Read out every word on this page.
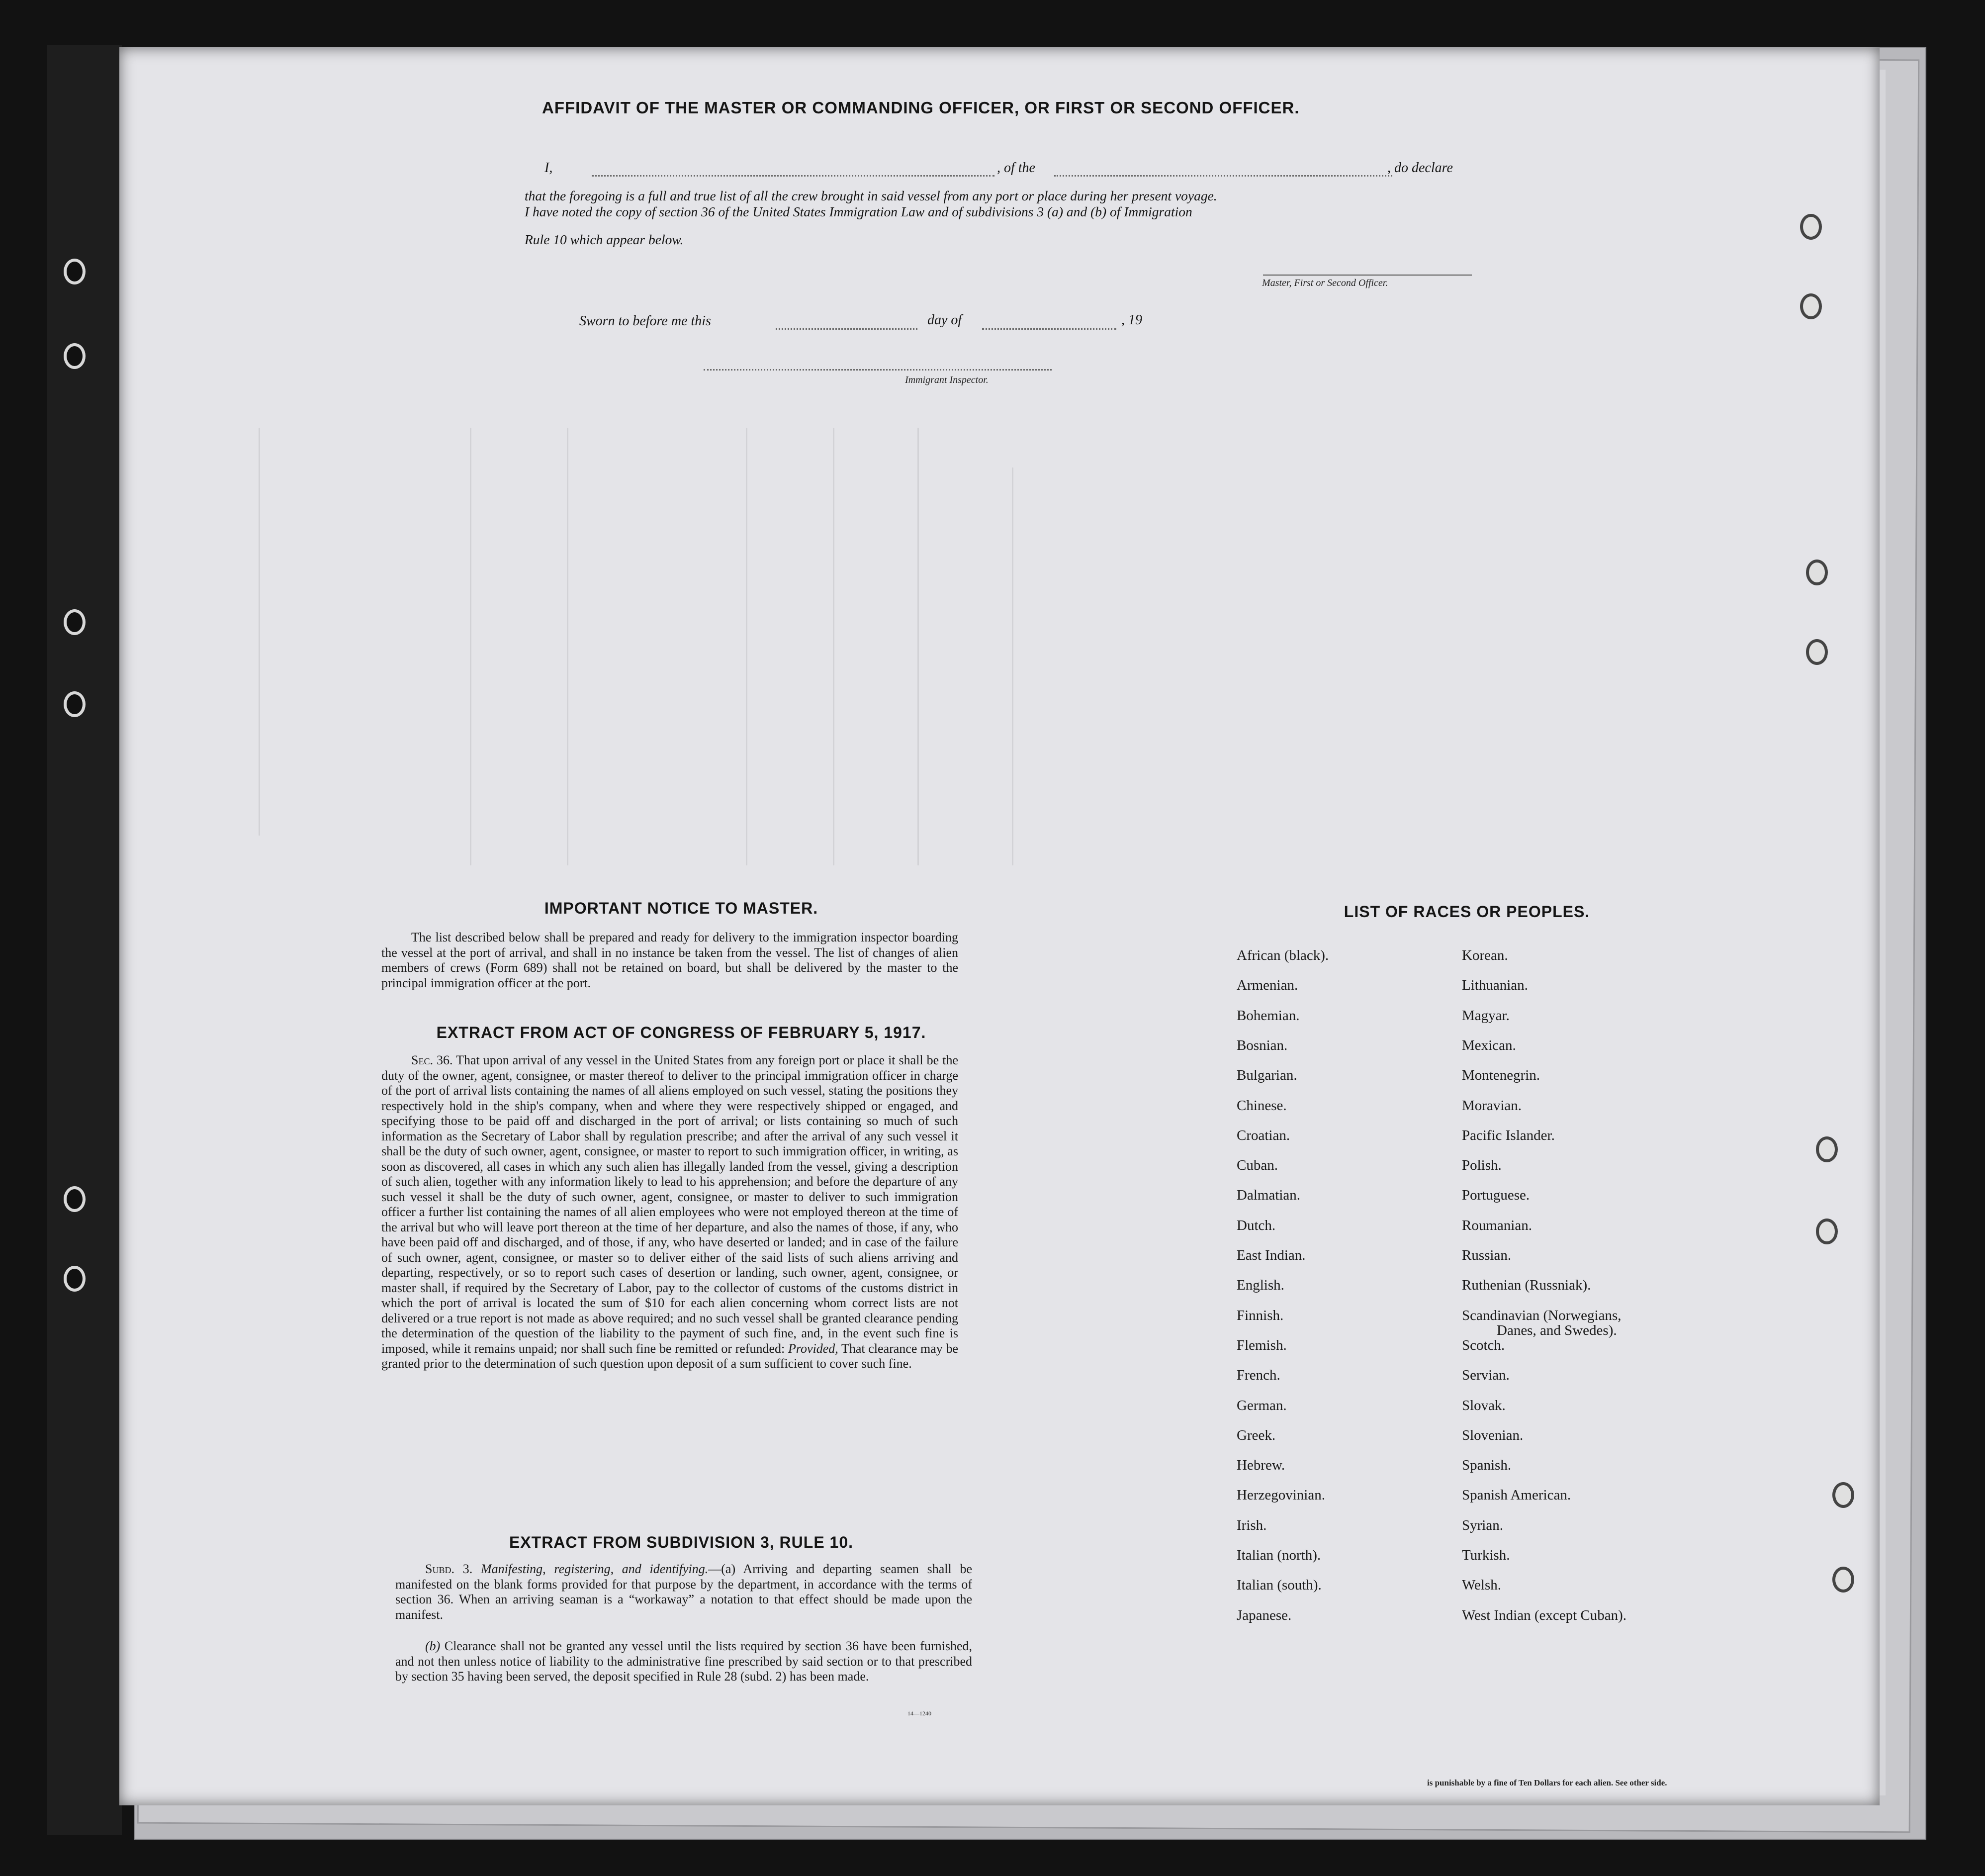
AFFIDAVIT OF THE MASTER OR COMMANDING OFFICER, OR FIRST OR SECOND OFFICER.
I,	, of the	, do declare
that the foregoing is a full and true list of all the crew brought in said vessel from any port or place during her present voyage.
I have noted the copy of section 36 of the United States Immigration Law and of subdivisions 3 (a) and (b) of Immigration
Rule 10 which appear below.
Master, First or Second Officer.
Sworn to before me this	day of	, 19
Immigrant Inspector.
IMPORTANT NOTICE TO MASTER.
The list described below shall be prepared and ready for delivery to the immigration inspector boarding the vessel at the port of arrival, and shall in no instance be taken from the vessel. The list of changes of alien members of crews (Form 689) shall not be retained on board, but shall be delivered by the master to the principal immigration officer at the port.
EXTRACT FROM ACT OF CONGRESS OF FEBRUARY 5, 1917.
Sec. 36. That upon arrival of any vessel in the United States from any foreign port or place it shall be the duty of the owner, agent, consignee, or master thereof to deliver to the principal immigration officer in charge of the port of arrival lists containing the names of all aliens employed on such vessel, stating the positions they respectively hold in the ship's company, when and where they were respectively shipped or engaged, and specifying those to be paid off and discharged in the port of arrival; or lists containing so much of such information as the Secretary of Labor shall by regulation prescribe; and after the arrival of any such vessel it shall be the duty of such owner, agent, consignee, or master to report to such immigration officer, in writing, as soon as discovered, all cases in which any such alien has illegally landed from the vessel, giving a description of such alien, together with any information likely to lead to his apprehension; and before the departure of any such vessel it shall be the duty of such owner, agent, consignee, or master to deliver to such immigration officer a further list containing the names of all alien employees who were not employed thereon at the time of the arrival but who will leave port thereon at the time of her departure, and also the names of those, if any, who have been paid off and discharged, and of those, if any, who have deserted or landed; and in case of the failure of such owner, agent, consignee, or master so to deliver either of the said lists of such aliens arriving and departing, respectively, or so to report such cases of desertion or landing, such owner, agent, consignee, or master shall, if required by the Secretary of Labor, pay to the collector of customs of the customs district in which the port of arrival is located the sum of $10 for each alien concerning whom correct lists are not delivered or a true report is not made as above required; and no such vessel shall be granted clearance pending the determination of the question of the liability to the payment of such fine, and, in the event such fine is imposed, while it remains unpaid; nor shall such fine be remitted or refunded: Provided, That clearance may be granted prior to the determination of such question upon deposit of a sum sufficient to cover such fine.
EXTRACT FROM SUBDIVISION 3, RULE 10.
Subd. 3. Manifesting, registering, and identifying.—(a) Arriving and departing seamen shall be manifested on the blank forms provided for that purpose by the department, in accordance with the terms of section 36. When an arriving seaman is a “workaway” a notation to that effect should be made upon the manifest.
(b) Clearance shall not be granted any vessel until the lists required by section 36 have been furnished, and not then unless notice of liability to the administrative fine prescribed by said section or to that prescribed by section 35 having been served, the deposit specified in Rule 28 (subd. 2) has been made.
14—1240
LIST OF RACES OR PEOPLES.
African (black).
Armenian.
Bohemian.
Bosnian.
Bulgarian.
Chinese.
Croatian.
Cuban.
Dalmatian.
Dutch.
East Indian.
English.
Finnish.
Flemish.
French.
German.
Greek.
Hebrew.
Herzegovinian.
Irish.
Italian (north).
Italian (south).
Japanese.
Korean.
Lithuanian.
Magyar.
Mexican.
Montenegrin.
Moravian.
Pacific Islander.
Polish.
Portuguese.
Roumanian.
Russian.
Ruthenian (Russniak).
Scandinavian (Norwegians,
Danes, and Swedes).
Scotch.
Servian.
Slovak.
Slovenian.
Spanish.
Spanish American.
Syrian.
Turkish.
Welsh.
West Indian (except Cuban).
is punishable by a fine of Ten Dollars for each alien. See other side.
